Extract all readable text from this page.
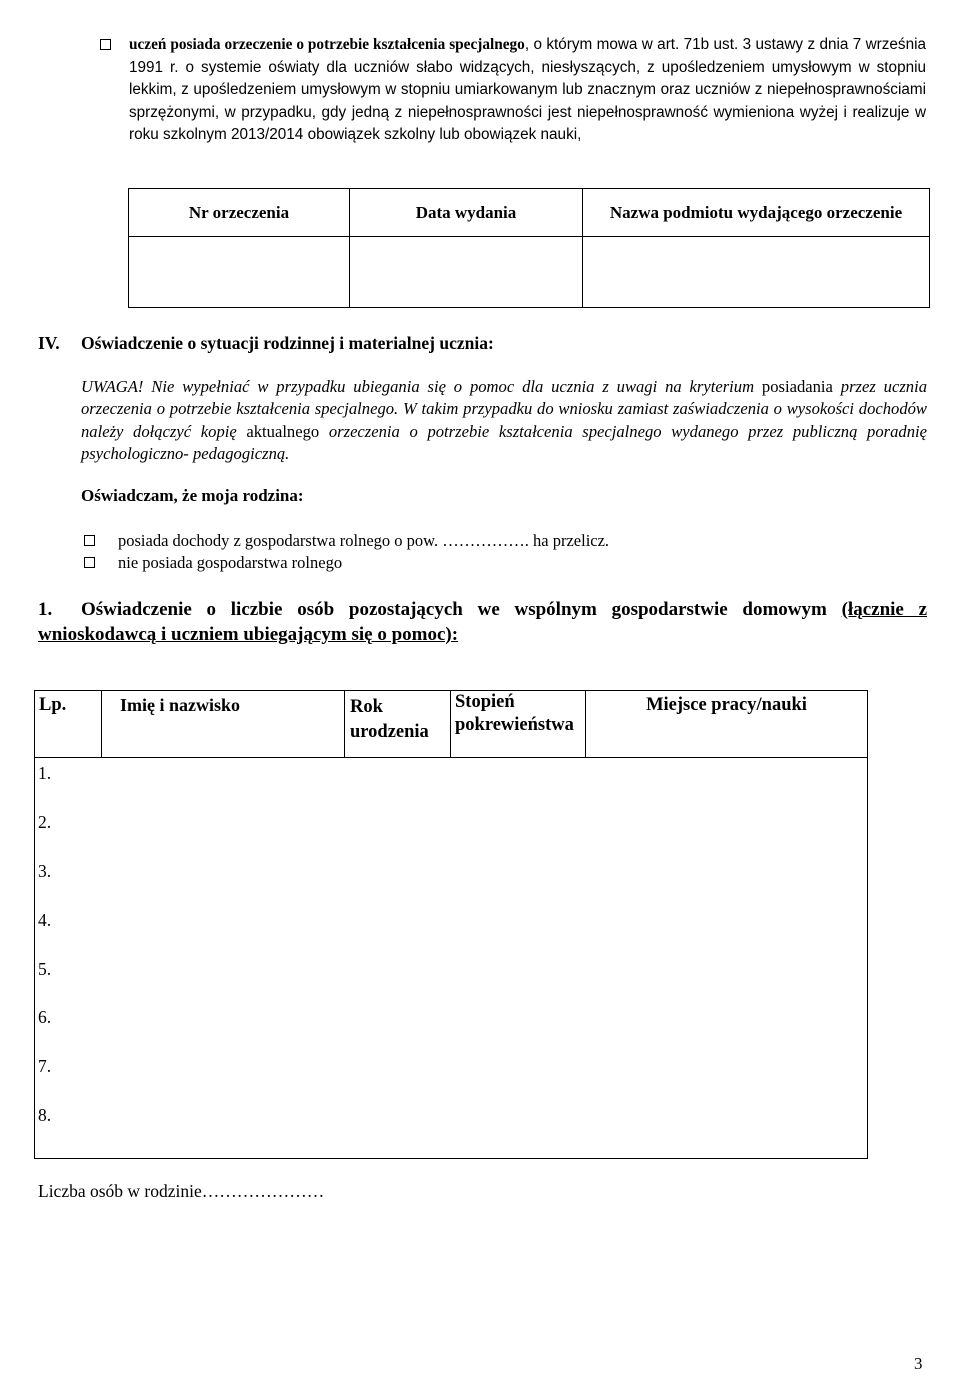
uczeń posiada orzeczenie o potrzebie kształcenia specjalnego, o którym mowa w art. 71b ust. 3 ustawy z dnia 7 września 1991 r. o systemie oświaty dla uczniów słabo widzących, niesłyszących, z upośledzeniem umysłowym w stopniu lekkim, z upośledzeniem umysłowym w stopniu umiarkowanym lub znacznym oraz uczniów z niepełnosprawnościami sprzężonymi, w przypadku, gdy jedną z niepełnosprawności jest niepełnosprawność wymieniona wyżej i realizuje w roku szkolnym 2013/2014 obowiązek szkolny lub obowiązek nauki,
Nr orzeczenia	Data wydania	Nazwa podmiotu wydającego orzeczenie

IV. Oświadczenie o sytuacji rodzinnej i materialnej ucznia:
UWAGA! Nie wypełniać w przypadku ubiegania się o pomoc dla ucznia z uwagi na kryterium posiadania przez ucznia orzeczenia o potrzebie kształcenia specjalnego. W takim przypadku do wniosku zamiast zaświadczenia o wysokości dochodów należy dołączyć kopię aktualnego orzeczenia o potrzebie kształcenia specjalnego wydanego przez publiczną poradnię psychologiczno- pedagogiczną.
Oświadczam, że moja rodzina:
posiada dochody z gospodarstwa rolnego o pow. ……………. ha przelicz.
nie posiada gospodarstwa rolnego
1. Oświadczenie o liczbie osób pozostających we wspólnym gospodarstwie domowym (łącznie z wnioskodawcą i uczniem ubiegającym się o pomoc):
Lp.	Imię i nazwisko	Rok urodzenia	Stopień pokrewieństwa	Miejsce pracy/nauki

1.
2.
3.
4.
5.
6.
7.
8.
Liczba osób w rodzinie…………………
3
